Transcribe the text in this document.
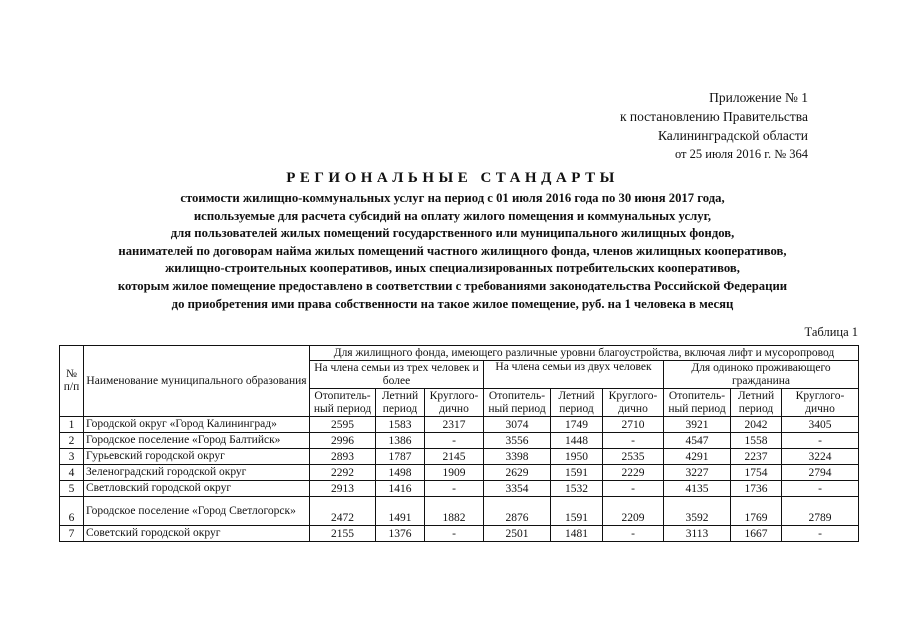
Приложение № 1
к постановлению Правительства
Калининградской области
от 25 июля 2016 г. № 364
РЕГИОНАЛЬНЫЕ СТАНДАРТЫ
стоимости жилищно-коммунальных услуг на период с 01 июля 2016 года по 30 июня 2017 года,
используемые для расчета субсидий на оплату жилого помещения и коммунальных услуг,
для пользователей жилых помещений государственного или муниципального жилищных фондов,
нанимателей по договорам найма жилых помещений частного жилищного фонда, членов жилищных кооперативов,
жилищно-строительных кооперативов, иных специализированных потребительских кооперативов,
которым жилое помещение предоставлено в соответствии с требованиями законодательства Российской Федерации
до приобретения ими права собственности на такое жилое помещение, руб. на 1 человека в месяц
Таблица 1
№ п/п	Наименование муниципального образования	Для жилищного фонда, имеющего различные уровни благоустройства, включая лифт и мусоропровод								
		На члена семьи из трех человек и более			На члена семьи из двух человек			Для одиноко проживающего гражданина		
		Отопитель-ный период	Летний период	Круглого-дично	Отопитель-ный период	Летний период	Круглого-дично	Отопитель-ный период	Летний период	Круглого-дично
1	Городской округ «Город Калининград»	2595	1583	2317	3074	1749	2710	3921	2042	3405
2	Городское поселение «Город Балтийск»	2996	1386	-	3556	1448	-	4547	1558	-
3	Гурьевский городской округ	2893	1787	2145	3398	1950	2535	4291	2237	3224
4	Зеленоградский городской округ	2292	1498	1909	2629	1591	2229	3227	1754	2794
5	Светловский городской округ	2913	1416	-	3354	1532	-	4135	1736	-
6	Городское поселение «Город Светлогорск»	2472	1491	1882	2876	1591	2209	3592	1769	2789
7	Советский городской округ	2155	1376	-	2501	1481	-	3113	1667	-
